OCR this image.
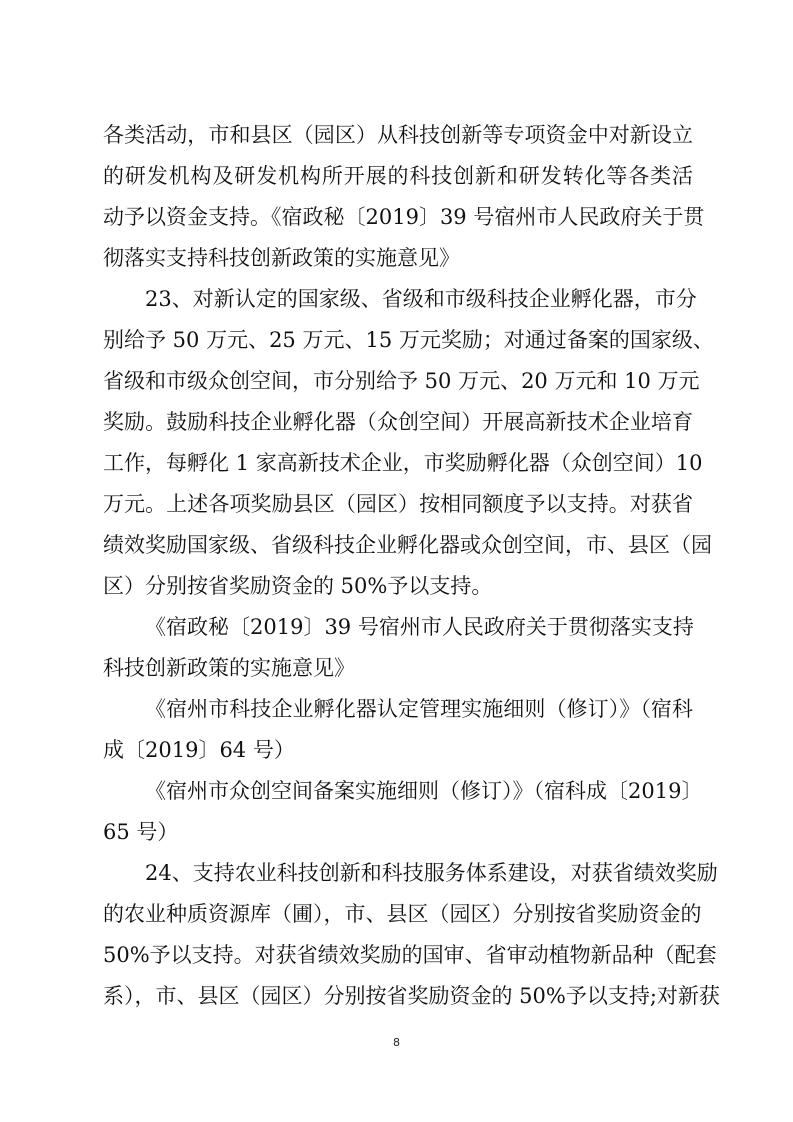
各类活动，市和县区（园区）从科技创新等专项资金中对新设立
的研发机构及研发机构所开展的科技创新和研发转化等各类活
动予以资金支持。《宿政秘〔2019〕39 号宿州市人民政府关于贯
彻落实支持科技创新政策的实施意见》
23、对新认定的国家级、省级和市级科技企业孵化器，市分
别给予 50 万元、25 万元、15 万元奖励；对通过备案的国家级、
省级和市级众创空间，市分别给予 50 万元、20 万元和 10 万元
奖励。鼓励科技企业孵化器（众创空间）开展高新技术企业培育
工作，每孵化 1 家高新技术企业，市奖励孵化器（众创空间）10
万元。上述各项奖励县区（园区）按相同额度予以支持。对获省
绩效奖励国家级、省级科技企业孵化器或众创空间，市、县区（园
区）分别按省奖励资金的 50%予以支持。
《宿政秘〔2019〕39 号宿州市人民政府关于贯彻落实支持
科技创新政策的实施意见》
《宿州市科技企业孵化器认定管理实施细则（修订）》（宿科
成〔2019〕64 号）
《宿州市众创空间备案实施细则（修订）》（宿科成〔2019〕
65 号）
24、支持农业科技创新和科技服务体系建设，对获省绩效奖励
的农业种质资源库（圃），市、县区（园区）分别按省奖励资金的
50%予以支持。对获省绩效奖励的国审、省审动植物新品种（配套
系），市、县区（园区）分别按省奖励资金的 50%予以支持;对新获
8
